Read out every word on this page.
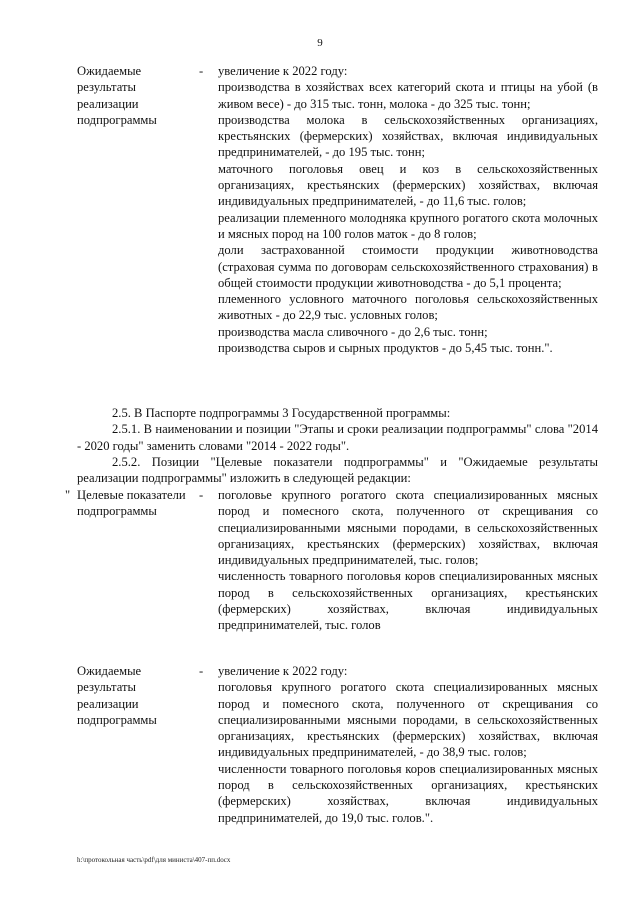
9
Ожидаемые результаты реализации подпрограммы
- увеличение к 2022 году:

производства в хозяйствах всех категорий скота и птицы на убой (в живом весе) - до 315 тыс. тонн, молока - до 325 тыс. тонн;

производства молока в сельскохозяйственных организациях, крестьянских (фермерских) хозяйствах, включая индивидуальных предпринимателей, - до 195 тыс. тонн;

маточного поголовья овец и коз в сельскохозяйственных организациях, крестьянских (фермерских) хозяйствах, включая индивидуальных предпринимателей, - до 11,6 тыс. голов;

реализации племенного молодняка крупного рогатого скота молочных и мясных пород на 100 голов маток - до 8 голов;

доли застрахованной стоимости продукции животноводства (страховая сумма по договорам сельскохозяйственного страхования) в общей стоимости продукции животноводства - до 5,1 процента;

племенного условного маточного поголовья сельскохозяйственных животных - до 22,9 тыс. условных голов;

производства масла сливочного - до 2,6 тыс. тонн;

производства сыров и сырных продуктов - до 5,45 тыс. тонн.".

2.5. В Паспорте подпрограммы 3 Государственной программы:

2.5.1. В наименовании и позиции "Этапы и сроки реализации подпрограммы" слова "2014 - 2020 годы" заменить словами "2014 - 2022 годы".

2.5.2. Позиции "Целевые показатели подпрограммы" и "Ожидаемые результаты реализации подпрограммы" изложить в следующей редакции:

" Целевые показатели подпрограммы
- поголовье крупного рогатого скота специализированных мясных пород и помесного скота, полученного от скрещивания со специализированными мясными породами, в сельскохозяйственных организациях, крестьянских (фермерских) хозяйствах, включая индивидуальных предпринимателей, тыс. голов;

численность товарного поголовья коров специализированных мясных пород в сельскохозяйственных организациях, крестьянских (фермерских) хозяйствах, включая индивидуальных предпринимателей, тыс. голов

Ожидаемые результаты реализации подпрограммы
- увеличение к 2022 году:

поголовья крупного рогатого скота специализированных мясных пород и помесного скота, полученного от скрещивания со специализированными мясными породами, в сельскохозяйственных организациях, крестьянских (фермерских) хозяйствах, включая индивидуальных предпринимателей, - до 38,9 тыс. голов;

численности товарного поголовья коров специализированных мясных пород в сельскохозяйственных организациях, крестьянских (фермерских) хозяйствах, включая индивидуальных предпринимателей, до 19,0 тыс. голов.".

h:\протокольная часть\pdf\для министа\407-пп.docx
